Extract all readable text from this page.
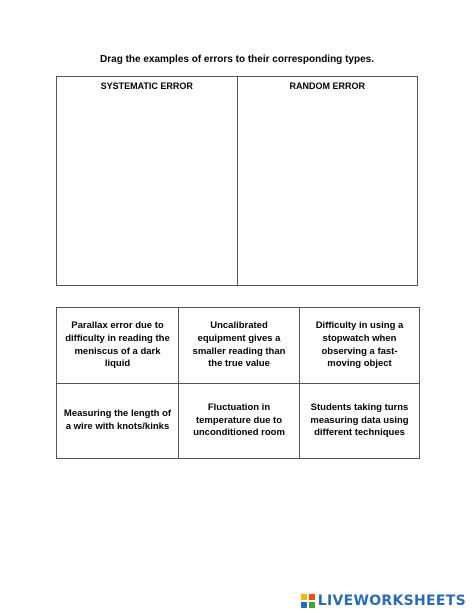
Drag the examples of errors to their corresponding types.
SYSTEMATIC ERROR	RANDOM ERROR
Parallax error due to difficulty in reading the meniscus of a dark liquid
Uncalibrated equipment gives a smaller reading than the true value
Difficulty in using a stopwatch when observing a fast-moving object
Measuring the length of a wire with knots/kinks
Fluctuation in temperature due to unconditioned room
Students taking turns measuring data using different techniques
LIVEWORKSHEETS
